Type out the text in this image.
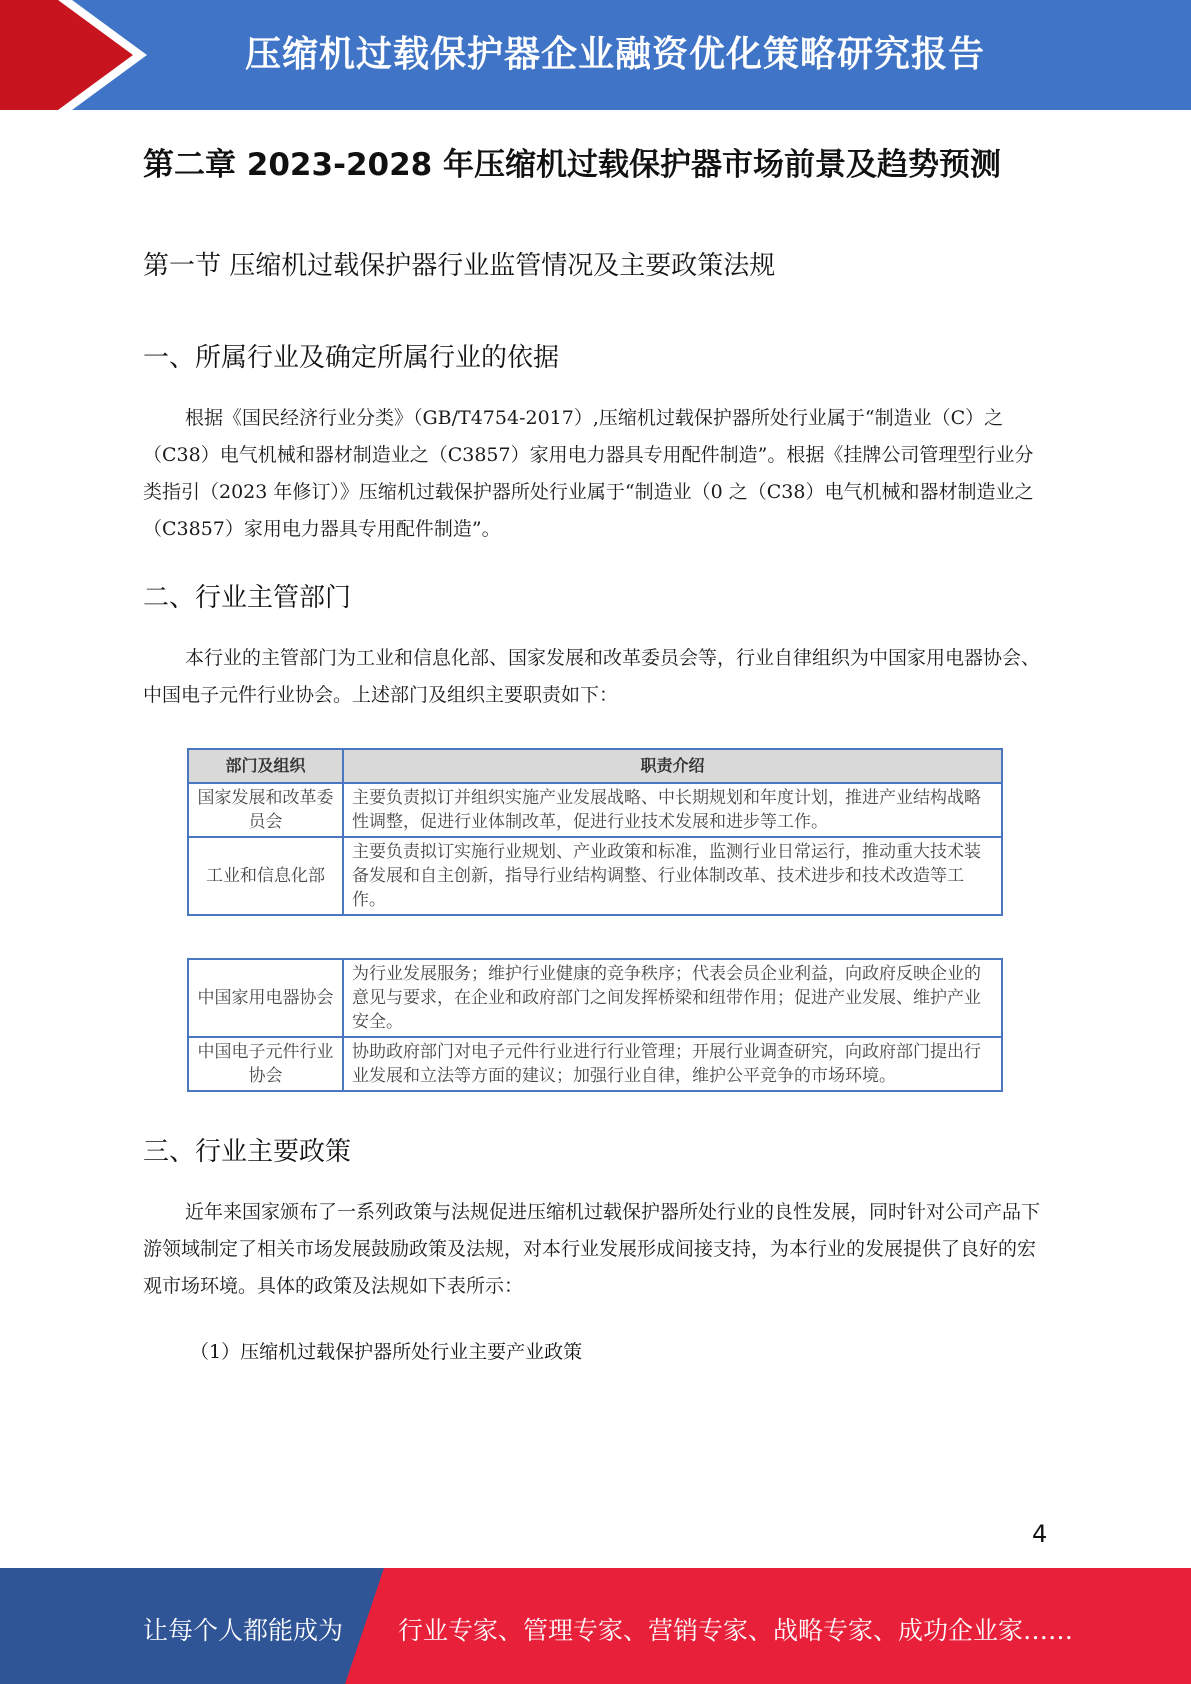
压缩机过载保护器企业融资优化策略研究报告
第二章 2023-2028 年压缩机过载保护器市场前景及趋势预测
第一节 压缩机过载保护器行业监管情况及主要政策法规
一、所属行业及确定所属行业的依据

根据《国民经济行业分类》（GB/T4754-2017）,压缩机过载保护器所处行业属于“制造业（C）之（C38）电气机械和器材制造业之（C3857）家用电力器具专用配件制造”。根据《挂牌公司管理型行业分类指引（2023 年修订）》压缩机过载保护器所处行业属于“制造业（0 之（C38）电气机械和器材制造业之（C3857）家用电力器具专用配件制造”。

二、行业主管部门

本行业的主管部门为工业和信息化部、国家发展和改革委员会等，行业自律组织为中国家用电器协会、中国电子元件行业协会。上述部门及组织主要职责如下：

部门及组织	职责介绍
国家发展和改革委员会	主要负责拟订并组织实施产业发展战略、中长期规划和年度计划，推进产业结构战略性调整，促进行业体制改革，促进行业技术发展和进步等工作。
工业和信息化部	主要负责拟订实施行业规划、产业政策和标准，监测行业日常运行，推动重大技术装备发展和自主创新，指导行业结构调整、行业体制改革、技术进步和技术改造等工作。
中国家用电器协会	为行业发展服务；维护行业健康的竞争秩序；代表会员企业利益，向政府反映企业的意见与要求，在企业和政府部门之间发挥桥梁和纽带作用；促进产业发展、维护产业安全。
中国电子元件行业协会	协助政府部门对电子元件行业进行行业管理；开展行业调查研究，向政府部门提出行业发展和立法等方面的建议；加强行业自律，维护公平竞争的市场环境。
三、行业主要政策

近年来国家颁布了一系列政策与法规促进压缩机过载保护器所处行业的良性发展，同时针对公司产品下游领域制定了相关市场发展鼓励政策及法规，对本行业发展形成间接支持，为本行业的发展提供了良好的宏观市场环境。具体的政策及法规如下表所示：

（1）压缩机过载保护器所处行业主要产业政策
4
让每个人都能成为 行业专家、管理专家、营销专家、战略专家、成功企业家……
